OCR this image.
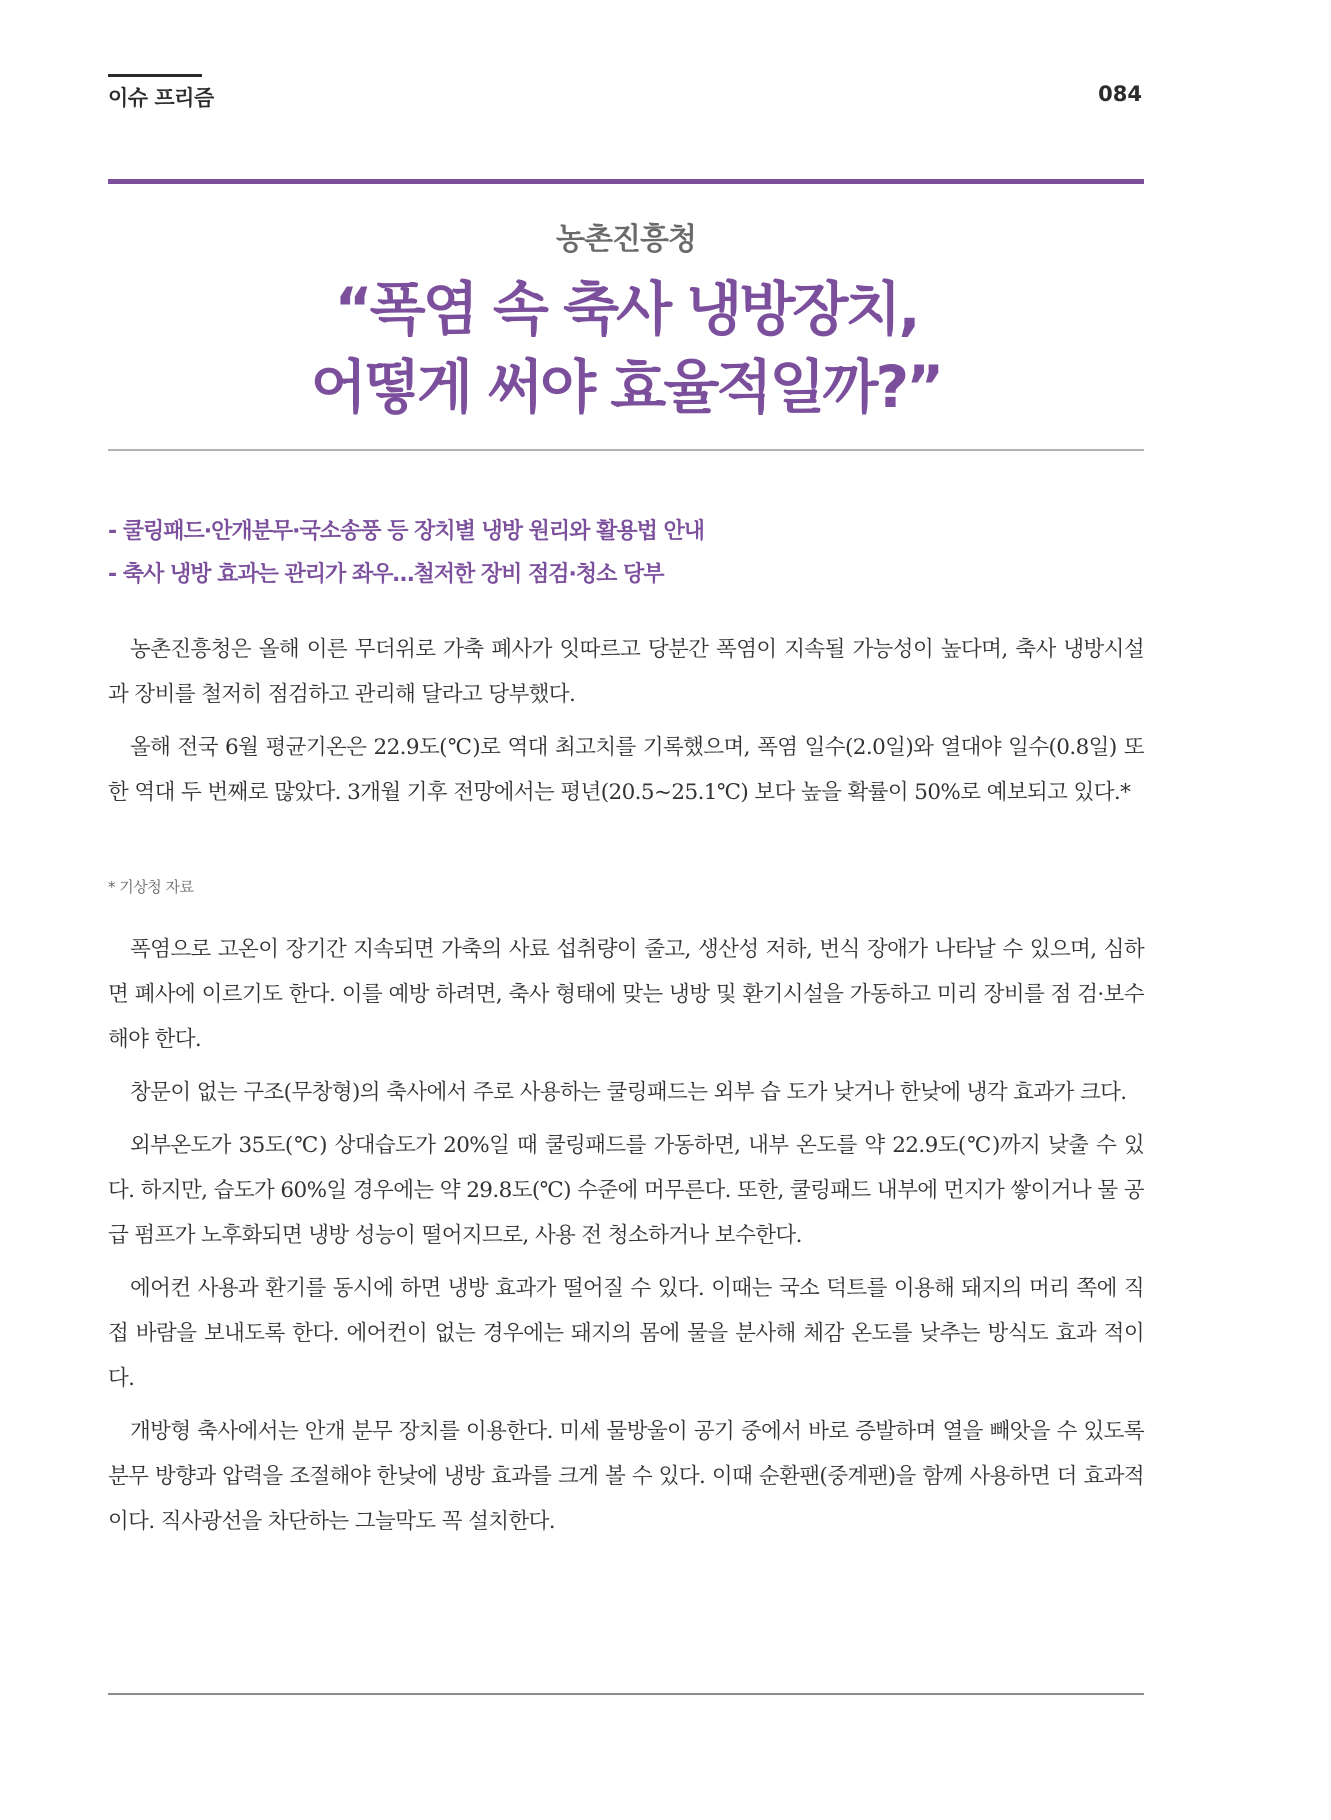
이슈 프리즘	084
농촌진흥청
“폭염 속 축사 냉방장치,
어떻게 써야 효율적일까?”
- 쿨링패드·안개분무·국소송풍 등 장치별 냉방 원리와 활용법 안내
- 축사 냉방 효과는 관리가 좌우…철저한 장비 점검·청소 당부

농촌진흥청은 올해 이른 무더위로 가축 폐사가 잇따르고 당분간 폭염이 지속될 가능성이 높다며, 축사 냉방시설과 장비를 철저히 점검하고 관리해 달라고 당부했다.

올해 전국 6월 평균기온은 22.9도(℃)로 역대 최고치를 기록했으며, 폭염 일수(2.0일)와 열대야 일수(0.8일) 또한 역대 두 번째로 많았다. 3개월 기후 전망에서는 평년(20.5~25.1℃) 보다 높을 확률이 50%로 예보되고 있다.*

* 기상청 자료

폭염으로 고온이 장기간 지속되면 가축의 사료 섭취량이 줄고, 생산성 저하, 번식 장애가 나타날 수 있으며, 심하면 폐사에 이르기도 한다. 이를 예방 하려면, 축사 형태에 맞는 냉방 및 환기시설을 가동하고 미리 장비를 점 검·보수해야 한다.

창문이 없는 구조(무창형)의 축사에서 주로 사용하는 쿨링패드는 외부 습 도가 낮거나 한낮에 냉각 효과가 크다.

외부온도가 35도(℃) 상대습도가 20%일 때 쿨링패드를 가동하면, 내부 온도를 약 22.9도(℃)까지 낮출 수 있다. 하지만, 습도가 60%일 경우에는 약 29.8도(℃) 수준에 머무른다. 또한, 쿨링패드 내부에 먼지가 쌓이거나 물 공급 펌프가 노후화되면 냉방 성능이 떨어지므로, 사용 전 청소하거나 보수한다.

에어컨 사용과 환기를 동시에 하면 냉방 효과가 떨어질 수 있다. 이때는 국소 덕트를 이용해 돼지의 머리 쪽에 직접 바람을 보내도록 한다. 에어컨이 없는 경우에는 돼지의 몸에 물을 분사해 체감 온도를 낮추는 방식도 효과 적이다.

개방형 축사에서는 안개 분무 장치를 이용한다. 미세 물방울이 공기 중에서 바로 증발하며 열을 빼앗을 수 있도록 분무 방향과 압력을 조절해야 한낮에 냉방 효과를 크게 볼 수 있다. 이때 순환팬(중계팬)을 함께 사용하면 더 효과적이다. 직사광선을 차단하는 그늘막도 꼭 설치한다.
